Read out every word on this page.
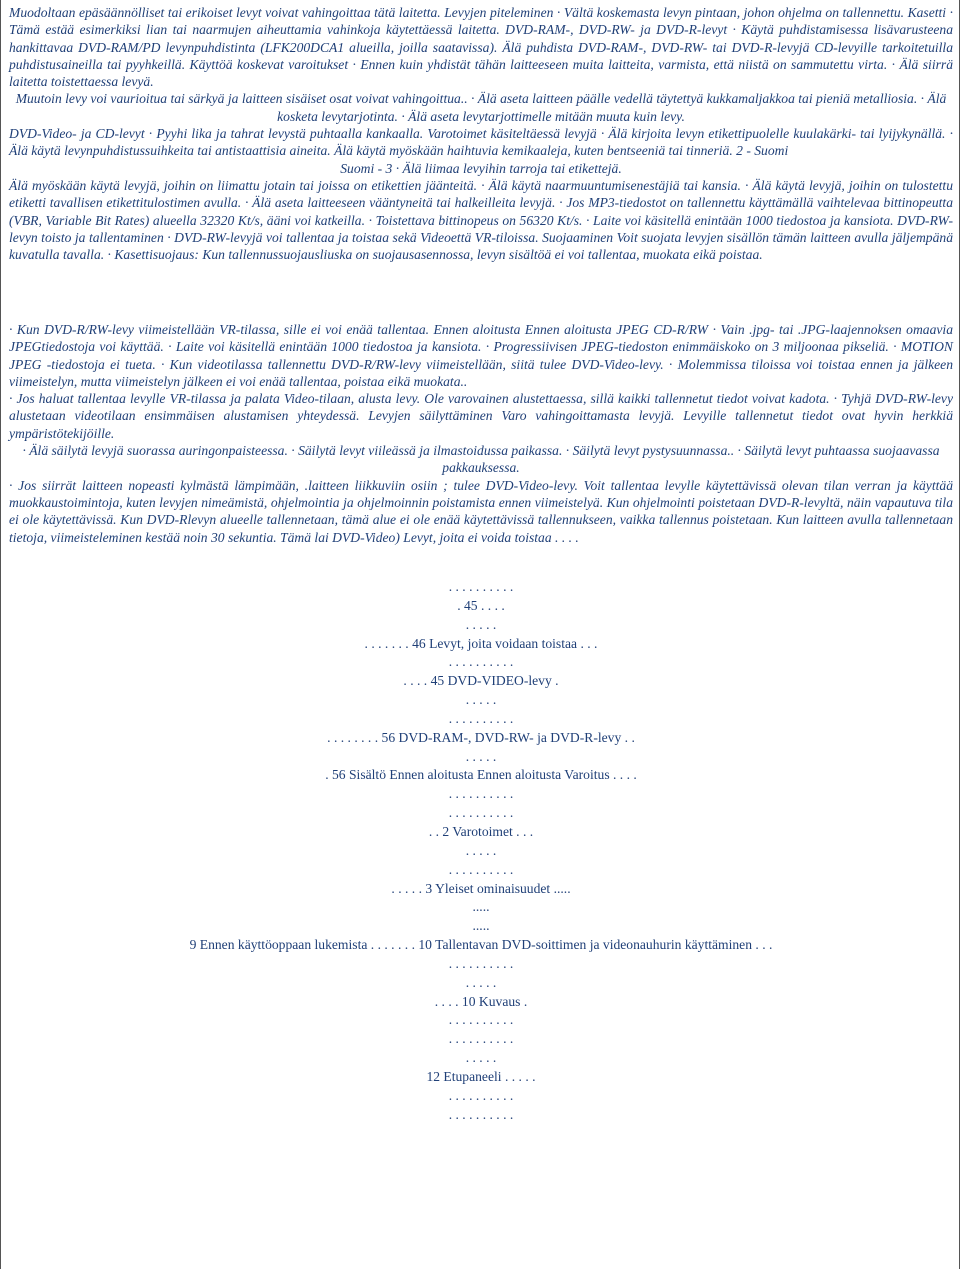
Muodoltaan epäsäännölliset tai erikoiset levyt voivat vahingoittaa tätä laitetta. Levyjen piteleminen · Vältä koskemasta levyn pintaan, johon ohjelma on tallennettu. Kasetti · Tämä estää esimerkiksi lian tai naarmujen aiheuttamia vahinkoja käytettäessä laitetta. DVD-RAM-, DVD-RW- ja DVD-R-levyt · Käytä puhdistamisessa lisävarusteena hankittavaa DVD-RAM/PD levynpuhdistinta (LFK200DCA1 alueilla, joilla saatavissa). Älä puhdista DVD-RAM-, DVD-RW- tai DVD-R-levyjä CD-levyille tarkoitetuilla puhdistusaineilla tai pyyhkeillä. Käyttöä koskevat varoitukset · Ennen kuin yhdistät tähän laitteeseen muita laitteita, varmista, että niistä on sammutettu virta. · Älä siirrä laitetta toistettaessa levyä.

Muutoin levy voi vaurioitua tai särkyä ja laitteen sisäiset osat voivat vahingoittua.. · Älä aseta laitteen päälle vedellä täytettyä kukkamaljakkoa tai pieniä metalliosia. · Älä kosketa levytarjotinta. · Älä aseta levytarjottimelle mitään muuta kuin levy.

DVD-Video- ja CD-levyt · Pyyhi lika ja tahrat levystä puhtaalla kankaalla. Varotoimet käsiteltäessä levyjä · Älä kirjoita levyn etikettipuolelle kuulakärki- tai lyijykynällä. · Älä käytä levynpuhdistussuihkeita tai antistaattisia aineita. Älä käytä myöskään haihtuvia kemikaaleja, kuten bentseeniä tai tinneriä. 2 - Suomi

Suomi - 3 · Älä liimaa levyihin tarroja tai etikettejä.

Älä myöskään käytä levyjä, joihin on liimattu jotain tai joissa on etikettien jäänteitä. · Älä käytä naarmuuntumisenestäjiä tai kansia. · Älä käytä levyjä, joihin on tulostettu etiketti tavallisen etikettitulostimen avulla. · Älä aseta laitteeseen vääntyneitä tai halkeilleita levyjä. · Jos MP3-tiedostot on tallennettu käyttämällä vaihtelevaa bittinopeutta (VBR, Variable Bit Rates) alueella 32320 Kt/s, ääni voi katkeilla. · Toistettava bittinopeus on 56320 Kt/s. · Laite voi käsitellä enintään 1000 tiedostoa ja kansiota. DVD-RW-levyn toisto ja tallentaminen · DVD-RW-levyjä voi tallentaa ja toistaa sekä Videoettä VR-tiloissa. Suojaaminen Voit suojata levyjen sisällön tämän laitteen avulla jäljempänä kuvatulla tavalla. · Kasettisuojaus: Kun tallennussuojausliuska on suojausasennossa, levyn sisältöä ei voi tallentaa, muokata eikä poistaa.

· Kun DVD-R/RW-levy viimeistellään VR-tilassa, sille ei voi enää tallentaa. Ennen aloitusta Ennen aloitusta JPEG CD-R/RW · Vain .jpg- tai .JPG-laajennoksen omaavia JPEGtiedostoja voi käyttää. · Laite voi käsitellä enintään 1000 tiedostoa ja kansiota. · Progressiivisen JPEG-tiedoston enimmäiskoko on 3 miljoonaa pikseliä. · MOTION JPEG -tiedostoja ei tueta. · Kun videotilassa tallennettu DVD-R/RW-levy viimeistellään, siitä tulee DVD-Video-levy. · Molemmissa tiloissa voi toistaa ennen ja jälkeen viimeistelyn, mutta viimeistelyn jälkeen ei voi enää tallentaa, poistaa eikä muokata..

· Jos haluat tallentaa levylle VR-tilassa ja palata Video-tilaan, alusta levy. Ole varovainen alustettaessa, sillä kaikki tallennetut tiedot voivat kadota. · Tyhjä DVD-RW-levy alustetaan videotilaan ensimmäisen alustamisen yhteydessä. Levyjen säilyttäminen Varo vahingoittamasta levyjä. Levyille tallennetut tiedot ovat hyvin herkkiä ympäristötekijöille.

· Älä säilytä levyjä suorassa auringonpaisteessa. · Säilytä levyt viileässä ja ilmastoidussa paikassa. · Säilytä levyt pystysuunnassa.. · Säilytä levyt puhtaassa suojaavassa pakkauksessa.

· Jos siirrät laitteen nopeasti kylmästä lämpimään, .laitteen liikkuviin osiin ; tulee DVD-Video-levy. Voit tallentaa levylle käytettävissä olevan tilan verran ja käyttää muokkaustoimintoja, kuten levyjen nimeämistä, ohjelmointia ja ohjelmoinnin poistamista ennen viimeistelyä. Kun ohjelmointi poistetaan DVD-R-levyltä, näin vapautuva tila ei ole käytettävissä. Kun DVD-Rlevyn alueelle tallennetaan, tämä alue ei ole enää käytettävissä tallennukseen, vaikka tallennus poistetaan. Kun laitteen avulla tallennetaan tietoja, viimeisteleminen kestää noin 30 sekuntia. Tämä lai DVD-Video) Levyt, joita ei voida toistaa . . . .

. . . . . . . . . .
. 45 . . . .
. . . . .
. . . . . . . 46 Levyt, joita voidaan toistaa . . .
. . . . . . . . . .
. . . . 45 DVD-VIDEO-levy .
. . . . .
. . . . . . . . . .
. . . . . . . . 56 DVD-RAM-, DVD-RW- ja DVD-R-levy . .
. . . . .
. 56 Sisältö Ennen aloitusta Ennen aloitusta Varoitus . . . .
. . . . . . . . . .
. . . . . . . . . .
. . 2 Varotoimet . . .
. . . . .
. . . . . . . . . .
. . . . . 3 Yleiset ominaisuudet .....
.....
.....
9 Ennen käyttöoppaan lukemista . . . . . . . 10 Tallentavan DVD-soittimen ja videonauhurin käyttäminen . . .
. . . . . . . . . .
. . . . .
. . . . 10 Kuvaus .
. . . . . . . . . .
. . . . . . . . . .
. . . . .
12 Etupaneeli . . . . .
. . . . . . . . . .
. . . . . . . . . .
